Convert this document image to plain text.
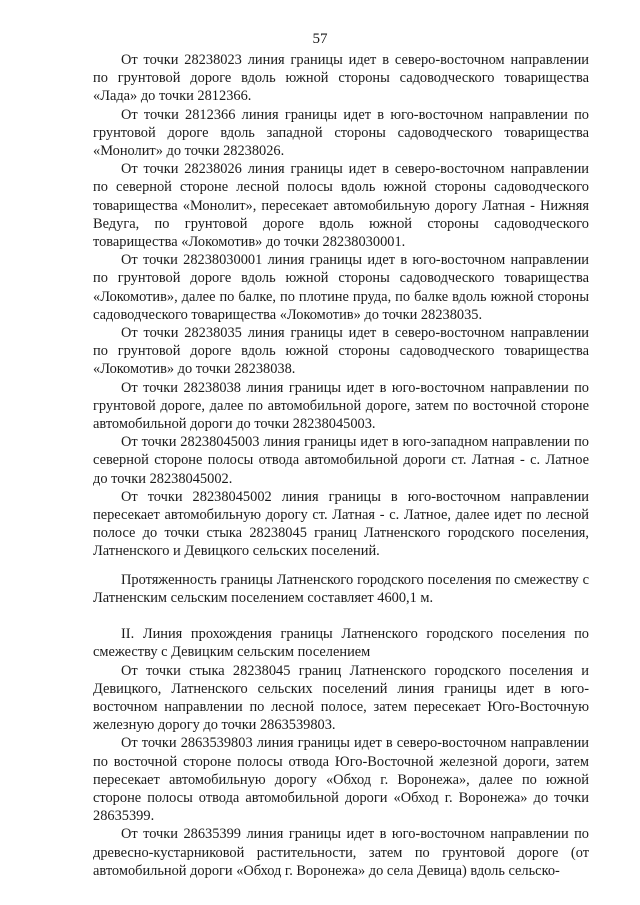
57

От точки 28238023 линия границы идет в северо-восточном направлении по грунтовой дороге вдоль южной стороны садоводческого товарищества «Лада» до точки 2812366.

От точки 2812366 линия границы идет в юго-восточном направлении по грунтовой дороге вдоль западной стороны садоводческого товарищества «Монолит» до точки 28238026.

От точки 28238026 линия границы идет в северо-восточном направлении по северной стороне лесной полосы вдоль южной стороны садоводческого товарищества «Монолит», пересекает автомобильную дорогу Латная - Нижняя Ведуга, по грунтовой дороге вдоль южной стороны садоводческого товарищества «Локомотив» до точки 28238030001.

От точки 28238030001 линия границы идет в юго-восточном направлении по грунтовой дороге вдоль южной стороны садоводческого товарищества «Локомотив», далее по балке, по плотине пруда, по балке вдоль южной стороны садоводческого товарищества «Локомотив» до точки 28238035.

От точки 28238035 линия границы идет в северо-восточном направлении по грунтовой дороге вдоль южной стороны садоводческого товарищества «Локомотив» до точки 28238038.

От точки 28238038 линия границы идет в юго-восточном направлении по грунтовой дороге, далее по автомобильной дороге, затем по восточной стороне автомобильной дороги до точки 28238045003.

От точки 28238045003 линия границы идет в юго-западном направлении по северной стороне полосы отвода автомобильной дороги ст. Латная - с. Латное до точки 28238045002.

От точки 28238045002 линия границы в юго-восточном направлении пересекает автомобильную дорогу ст. Латная - с. Латное, далее идет по лесной полосе до точки стыка 28238045 границ Латненского городского поселения, Латненского и Девицкого сельских поселений.

Протяженность границы Латненского городского поселения по смежеству с Латненским сельским поселением составляет 4600,1 м.

II. Линия прохождения границы Латненского городского поселения по смежеству с Девицким сельским поселением

От точки стыка 28238045 границ Латненского городского поселения и Девицкого, Латненского сельских поселений линия границы идет в юго-восточном направлении по лесной полосе, затем пересекает Юго-Восточную железную дорогу до точки 2863539803.

От точки 2863539803 линия границы идет в северо-восточном направлении по восточной стороне полосы отвода Юго-Восточной железной дороги, затем пересекает автомобильную дорогу «Обход г. Воронежа», далее по южной стороне полосы отвода автомобильной дороги «Обход г. Воронежа» до точки 28635399.

От точки 28635399 линия границы идет в юго-восточном направлении по древесно-кустарниковой растительности, затем по грунтовой дороге (от автомобильной дороги «Обход г. Воронежа» до села Девица) вдоль сельско-
